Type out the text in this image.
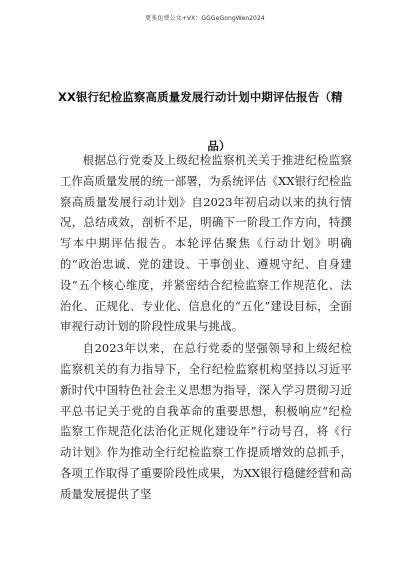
更多免费公文+VX：GGGeGongWen2024
XX银行纪检监察高质量发展行动计划中期评估报告（精
品）

根据总行党委及上级纪检监察机关关于推进纪检监察工作高质量发展的统一部署，为系统评估《XX银行纪检监察高质量发展行动计划》自2023年初启动以来的执行情况，总结成效，剖析不足，明确下一阶段工作方向，特撰写本中期评估报告。本轮评估聚焦《行动计划》明确的“政治忠诚、党的建设、干事创业、遵规守纪、自身建设”五个核心维度，并紧密结合纪检监察工作规范化、法治化、正规化、专业化、信息化的“五化”建设目标，全面审视行动计划的阶段性成果与挑战。

自2023年以来，在总行党委的坚强领导和上级纪检监察机关的有力指导下，全行纪检监察机构坚持以习近平新时代中国特色社会主义思想为指导，深入学习贯彻习近平总书记关于党的自我革命的重要思想，积极响应“纪检监察工作规范化法治化正规化建设年”行动号召，将《行动计划》作为推动全行纪检监察工作提质增效的总抓手，各项工作取得了重要阶段性成果，为XX银行稳健经营和高质量发展提供了坚
